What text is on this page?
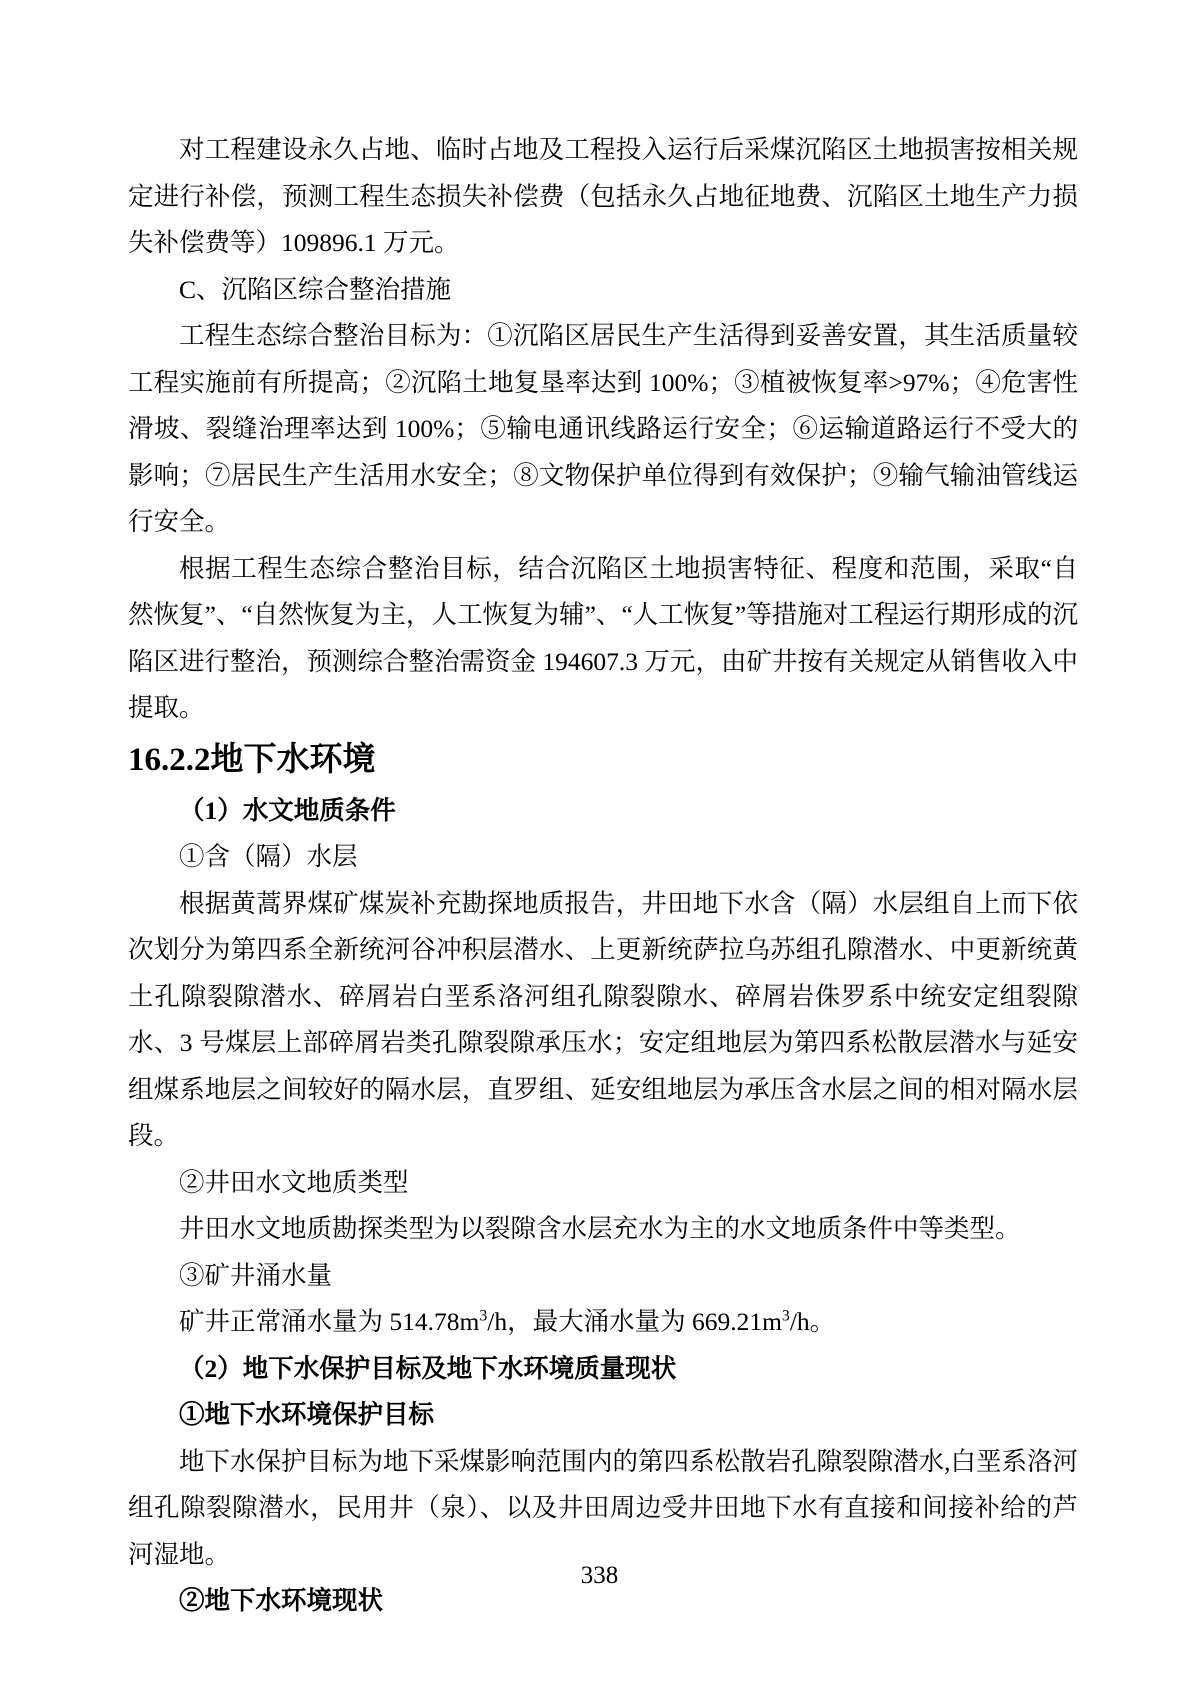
对工程建设永久占地、临时占地及工程投入运行后采煤沉陷区土地损害按相关规定进行补偿，预测工程生态损失补偿费（包括永久占地征地费、沉陷区土地生产力损失补偿费等）109896.1 万元。

C、沉陷区综合整治措施

工程生态综合整治目标为：①沉陷区居民生产生活得到妥善安置，其生活质量较工程实施前有所提高；②沉陷土地复垦率达到 100%；③植被恢复率>97%；④危害性滑坡、裂缝治理率达到 100%；⑤输电通讯线路运行安全；⑥运输道路运行不受大的影响；⑦居民生产生活用水安全；⑧文物保护单位得到有效保护；⑨输气输油管线运行安全。

根据工程生态综合整治目标，结合沉陷区土地损害特征、程度和范围，采取“自然恢复”、“自然恢复为主，人工恢复为辅”、“人工恢复”等措施对工程运行期形成的沉陷区进行整治，预测综合整治需资金 194607.3 万元，由矿井按有关规定从销售收入中提取。

16.2.2地下水环境

（1）水文地质条件

①含（隔）水层

根据黄蒿界煤矿煤炭补充勘探地质报告，井田地下水含（隔）水层组自上而下依次划分为第四系全新统河谷冲积层潜水、上更新统萨拉乌苏组孔隙潜水、中更新统黄土孔隙裂隙潜水、碎屑岩白垩系洛河组孔隙裂隙水、碎屑岩侏罗系中统安定组裂隙水、3 号煤层上部碎屑岩类孔隙裂隙承压水；安定组地层为第四系松散层潜水与延安组煤系地层之间较好的隔水层，直罗组、延安组地层为承压含水层之间的相对隔水层段。

②井田水文地质类型

井田水文地质勘探类型为以裂隙含水层充水为主的水文地质条件中等类型。

③矿井涌水量

矿井正常涌水量为 $514.78m^3/h$，最大涌水量为 $669.21m^3/h$。

（2）地下水保护目标及地下水环境质量现状

①地下水环境保护目标

地下水保护目标为地下采煤影响范围内的第四系松散岩孔隙裂隙潜水,白垩系洛河组孔隙裂隙潜水，民用井（泉）、以及井田周边受井田地下水有直接和间接补给的芦河湿地。

②地下水环境现状

338
